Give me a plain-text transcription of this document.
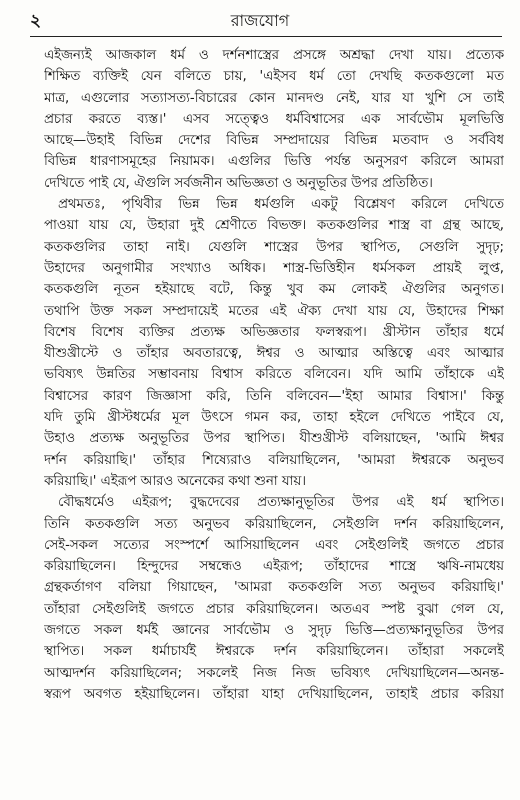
২	রাজযোগ
এইজন্যই আজকাল ধর্ম ও দর্শনশাস্ত্রের প্রসঙ্গে অশ্রদ্ধা দেখা যায়। প্রত্যেক
শিক্ষিত ব্যক্তিই যেন বলিতে চায়, 'এইসব ধর্ম তো দেখছি কতকগুলো মত
মাত্র, এগুলোর সত্যাসত্য-বিচারের কোন মানদণ্ড নেই, যার যা খুশি সে তাই
প্রচার করতে ব্যস্ত।' এসব সত্ত্বেও ধর্মবিশ্বাসের এক সার্বভৌম মূলভিত্তি
আছে—উহাই বিভিন্ন দেশের বিভিন্ন সম্প্রদায়ের বিভিন্ন মতবাদ ও সর্ববিধ
বিভিন্ন ধারণাসমূহের নিয়ামক। এগুলির ভিত্তি পর্যন্ত অনুসরণ করিলে আমরা
দেখিতে পাই যে, ঐগুলি সর্বজনীন অভিজ্ঞতা ও অনুভূতির উপর প্রতিষ্ঠিত।
প্রথমতঃ, পৃথিবীর ভিন্ন ভিন্ন ধর্মগুলি একটু বিশ্লেষণ করিলে দেখিতে
পাওয়া যায় যে, উহারা দুই শ্রেণীতে বিভক্ত। কতকগুলির শাস্ত্র বা গ্রন্থ আছে,
কতকগুলির তাহা নাই। যেগুলি শাস্ত্রের উপর স্থাপিত, সেগুলি সুদৃঢ়;
উহাদের অনুগামীর সংখ্যাও অধিক। শাস্ত্র-ভিত্তিহীন ধর্মসকল প্রায়ই লুপ্ত,
কতকগুলি নূতন হইয়াছে বটে, কিন্তু খুব কম লোকই ঐগুলির অনুগত।
তথাপি উক্ত সকল সম্প্রদায়েই মতের এই ঐক্য দেখা যায় যে, উহাদের শিক্ষা
বিশেষ বিশেষ ব্যক্তির প্রত্যক্ষ অভিজ্ঞতার ফলস্বরূপ। খ্রীস্টান তাঁহার ধর্মে
যীশুখ্রীস্টে ও তাঁহার অবতারত্বে, ঈশ্বর ও আত্মার অস্তিত্বে এবং আত্মার
ভবিষ্যৎ উন্নতির সম্ভাবনায় বিশ্বাস করিতে বলিবেন। যদি আমি তাঁহাকে এই
বিশ্বাসের কারণ জিজ্ঞাসা করি, তিনি বলিবেন—'ইহা আমার বিশ্বাস।' কিন্তু
যদি তুমি খ্রীস্টধর্মের মূল উৎসে গমন কর, তাহা হইলে দেখিতে পাইবে যে,
উহাও প্রত্যক্ষ অনুভূতির উপর স্থাপিত। যীশুখ্রীস্ট বলিয়াছেন, 'আমি ঈশ্বর
দর্শন করিয়াছি।' তাঁহার শিষ্যেরাও বলিয়াছিলেন, 'আমরা ঈশ্বরকে অনুভব
করিয়াছি।' এইরূপ আরও অনেকের কথা শুনা যায়।
বৌদ্ধধর্মেও এইরূপ; বুদ্ধদেবের প্রত্যক্ষানুভূতির উপর এই ধর্ম স্থাপিত।
তিনি কতকগুলি সত্য অনুভব করিয়াছিলেন, সেইগুলি দর্শন করিয়াছিলেন,
সেই-সকল সত্যের সংস্পর্শে আসিয়াছিলেন এবং সেইগুলিই জগতে প্রচার
করিয়াছিলেন। হিন্দুদের সম্বন্ধেও এইরূপ; তাঁহাদের শাস্ত্রে ঋষি-নামধেয়
গ্রন্থকর্তাগণ বলিয়া গিয়াছেন, 'আমরা কতকগুলি সত্য অনুভব করিয়াছি।'
তাঁহারা সেইগুলিই জগতে প্রচার করিয়াছিলেন। অতএব স্পষ্ট বুঝা গেল যে,
জগতে সকল ধর্মই জ্ঞানের সার্বভৌম ও সুদৃঢ় ভিত্তি—প্রত্যক্ষানুভূতির উপর
স্থাপিত। সকল ধর্মাচার্যই ঈশ্বরকে দর্শন করিয়াছিলেন। তাঁহারা সকলেই
আত্মদর্শন করিয়াছিলেন; সকলেই নিজ নিজ ভবিষ্যৎ দেখিয়াছিলেন—অনন্ত-
স্বরূপ অবগত হইয়াছিলেন। তাঁহারা যাহা দেখিয়াছিলেন, তাহাই প্রচার করিয়া
